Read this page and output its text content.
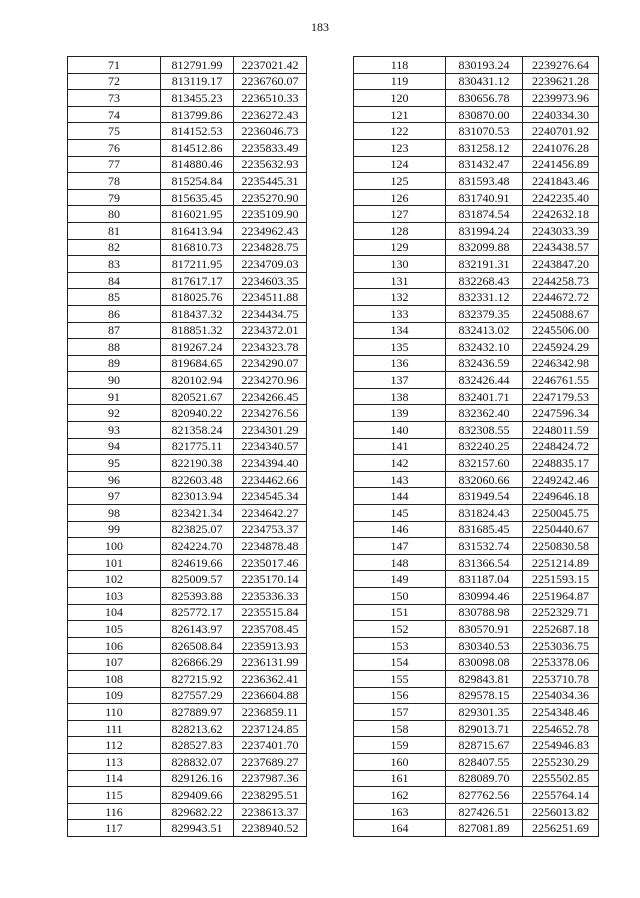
183
71	812791.99	2237021.42
72	813119.17	2236760.07
73	813455.23	2236510.33
74	813799.86	2236272.43
75	814152.53	2236046.73
76	814512.86	2235833.49
77	814880.46	2235632.93
78	815254.84	2235445.31
79	815635.45	2235270.90
80	816021.95	2235109.90
81	816413.94	2234962.43
82	816810.73	2234828.75
83	817211.95	2234709.03
84	817617.17	2234603.35
85	818025.76	2234511.88
86	818437.32	2234434.75
87	818851.32	2234372.01
88	819267.24	2234323.78
89	819684.65	2234290.07
90	820102.94	2234270.96
91	820521.67	2234266.45
92	820940.22	2234276.56
93	821358.24	2234301.29
94	821775.11	2234340.57
95	822190.38	2234394.40
96	822603.48	2234462.66
97	823013.94	2234545.34
98	823421.34	2234642.27
99	823825.07	2234753.37
100	824224.70	2234878.48
101	824619.66	2235017.46
102	825009.57	2235170.14
103	825393.88	2235336.33
104	825772.17	2235515.84
105	826143.97	2235708.45
106	826508.84	2235913.93
107	826866.29	2236131.99
108	827215.92	2236362.41
109	827557.29	2236604.88
110	827889.97	2236859.11
111	828213.62	2237124.85
112	828527.83	2237401.70
113	828832.07	2237689.27
114	829126.16	2237987.36
115	829409.66	2238295.51
116	829682.22	2238613.37
117	829943.51	2238940.52
118	830193.24	2239276.64
119	830431.12	2239621.28
120	830656.78	2239973.96
121	830870.00	2240334.30
122	831070.53	2240701.92
123	831258.12	2241076.28
124	831432.47	2241456.89
125	831593.48	2241843.46
126	831740.91	2242235.40
127	831874.54	2242632.18
128	831994.24	2243033.39
129	832099.88	2243438.57
130	832191.31	2243847.20
131	832268.43	2244258.73
132	832331.12	2244672.72
133	832379.35	2245088.67
134	832413.02	2245506.00
135	832432.10	2245924.29
136	832436.59	2246342.98
137	832426.44	2246761.55
138	832401.71	2247179.53
139	832362.40	2247596.34
140	832308.55	2248011.59
141	832240.25	2248424.72
142	832157.60	2248835.17
143	832060.66	2249242.46
144	831949.54	2249646.18
145	831824.43	2250045.75
146	831685.45	2250440.67
147	831532.74	2250830.58
148	831366.54	2251214.89
149	831187.04	2251593.15
150	830994.46	2251964.87
151	830788.98	2252329.71
152	830570.91	2252687.18
153	830340.53	2253036.75
154	830098.08	2253378.06
155	829843.81	2253710.78
156	829578.15	2254034.36
157	829301.35	2254348.46
158	829013.71	2254652.78
159	828715.67	2254946.83
160	828407.55	2255230.29
161	828089.70	2255502.85
162	827762.56	2255764.14
163	827426.51	2256013.82
164	827081.89	2256251.69
